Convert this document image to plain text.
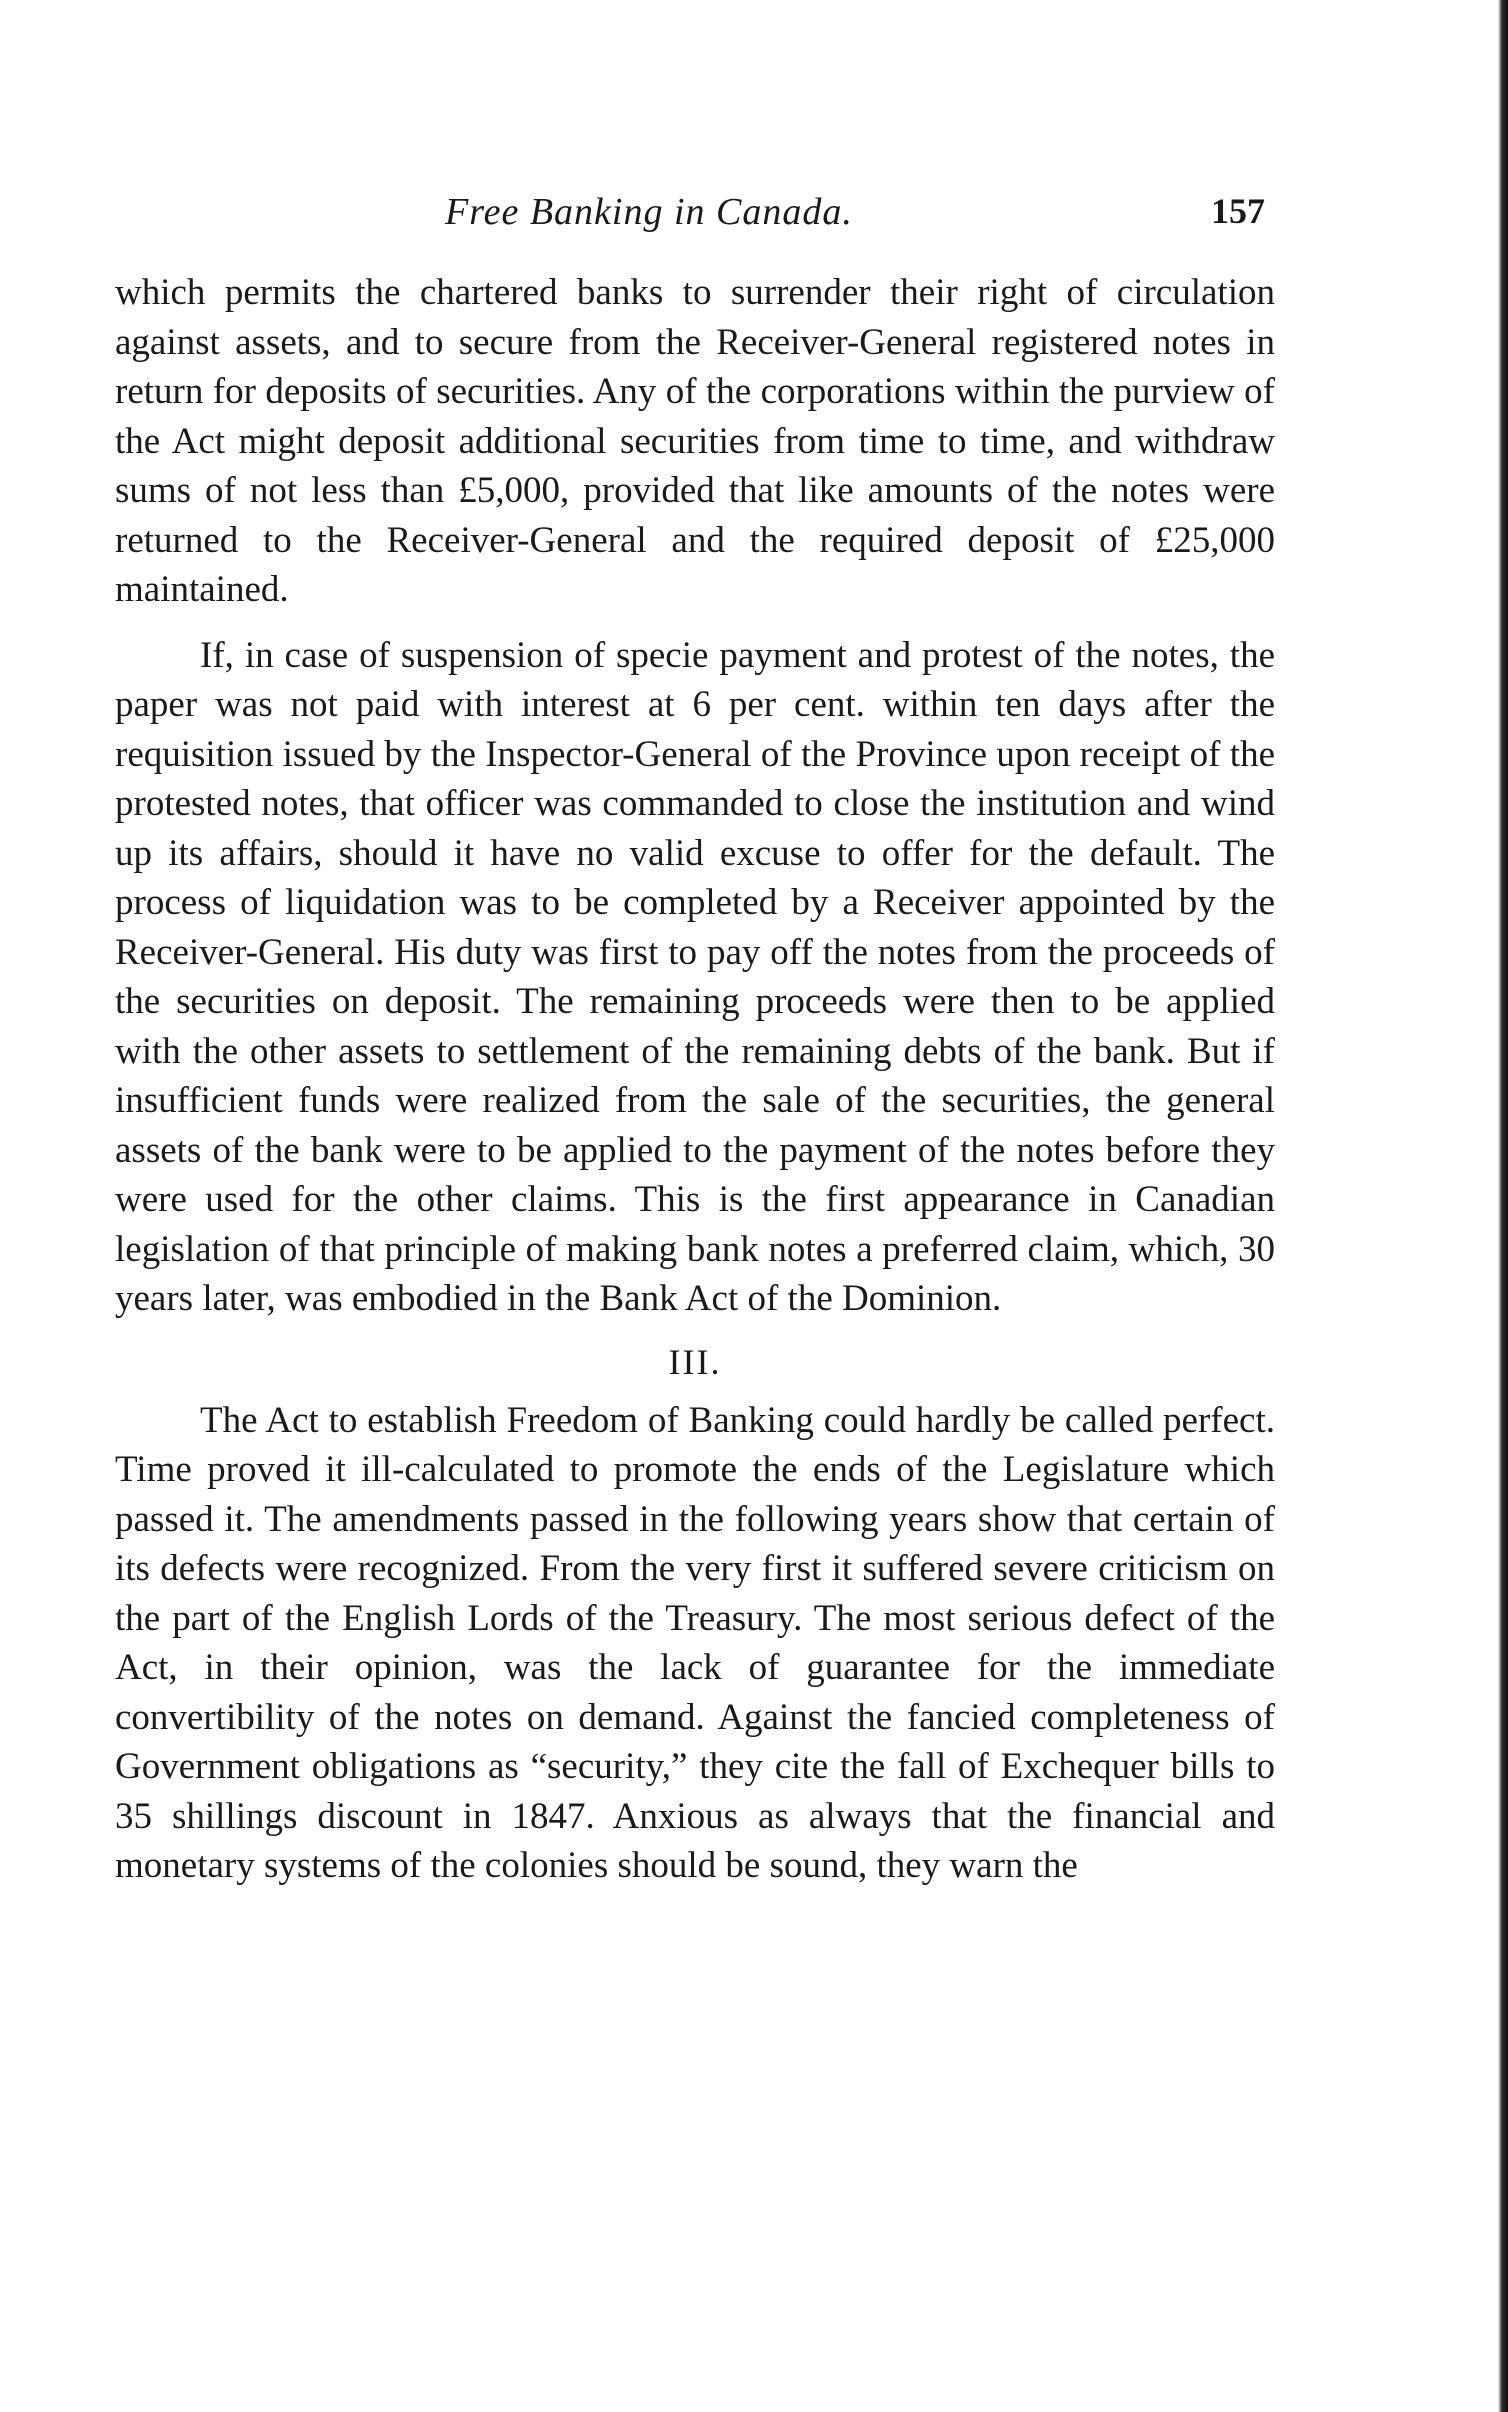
Free Banking in Canada.	157

which permits the chartered banks to surrender their right of circulation against assets, and to secure from the Receiver-General registered notes in return for deposits of securities. Any of the corporations within the purview of the Act might deposit additional securities from time to time, and withdraw sums of not less than £5,000, provided that like amounts of the notes were returned to the Receiver-General and the required deposit of £25,000 maintained.

If, in case of suspension of specie payment and protest of the notes, the paper was not paid with interest at 6 per cent. within ten days after the requisition issued by the Inspector-General of the Province upon receipt of the protested notes, that officer was commanded to close the institution and wind up its affairs, should it have no valid excuse to offer for the default. The process of liquidation was to be completed by a Receiver appointed by the Receiver-General. His duty was first to pay off the notes from the proceeds of the securities on deposit. The remaining proceeds were then to be applied with the other assets to settlement of the remaining debts of the bank. But if insufficient funds were realized from the sale of the securities, the general assets of the bank were to be applied to the payment of the notes before they were used for the other claims. This is the first appearance in Canadian legislation of that principle of making bank notes a preferred claim, which, 30 years later, was embodied in the Bank Act of the Dominion.

III.

The Act to establish Freedom of Banking could hardly be called perfect. Time proved it ill-calculated to promote the ends of the Legislature which passed it. The amendments passed in the following years show that certain of its defects were recognized. From the very first it suffered severe criticism on the part of the English Lords of the Treasury. The most serious defect of the Act, in their opinion, was the lack of guarantee for the immediate convertibility of the notes on demand. Against the fancied completeness of Government obligations as “security,” they cite the fall of Exchequer bills to 35 shillings discount in 1847. Anxious as always that the financial and monetary systems of the colonies should be sound, they warn the
